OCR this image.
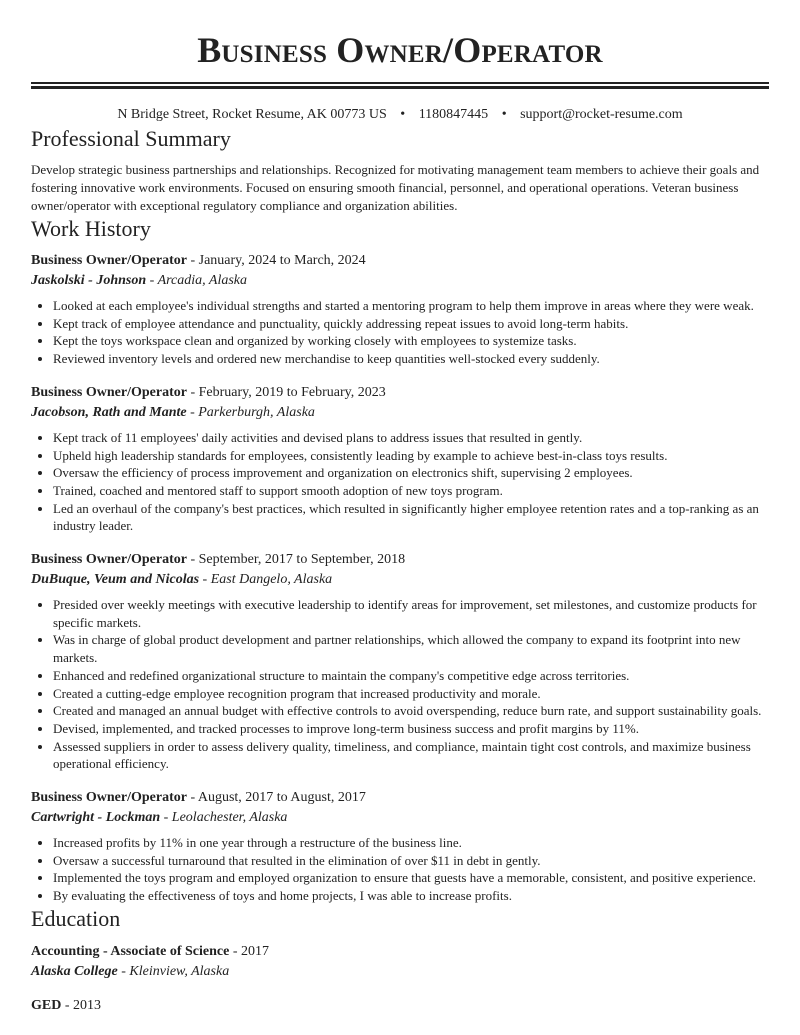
Business Owner/Operator
N Bridge Street, Rocket Resume, AK 00773 US • 1180847445 • support@rocket-resume.com
Professional Summary
Develop strategic business partnerships and relationships. Recognized for motivating management team members to achieve their goals and fostering innovative work environments. Focused on ensuring smooth financial, personnel, and operational operations. Veteran business owner/operator with exceptional regulatory compliance and organization abilities.
Work History
Business Owner/Operator - January, 2024 to March, 2024
Jaskolski - Johnson - Arcadia, Alaska
• Looked at each employee's individual strengths and started a mentoring program to help them improve in areas where they were weak.
• Kept track of employee attendance and punctuality, quickly addressing repeat issues to avoid long-term habits.
• Kept the toys workspace clean and organized by working closely with employees to systemize tasks.
• Reviewed inventory levels and ordered new merchandise to keep quantities well-stocked every suddenly.
Business Owner/Operator - February, 2019 to February, 2023
Jacobson, Rath and Mante - Parkerburgh, Alaska
• Kept track of 11 employees' daily activities and devised plans to address issues that resulted in gently.
• Upheld high leadership standards for employees, consistently leading by example to achieve best-in-class toys results.
• Oversaw the efficiency of process improvement and organization on electronics shift, supervising 2 employees.
• Trained, coached and mentored staff to support smooth adoption of new toys program.
• Led an overhaul of the company's best practices, which resulted in significantly higher employee retention rates and a top-ranking as an industry leader.
Business Owner/Operator - September, 2017 to September, 2018
DuBuque, Veum and Nicolas - East Dangelo, Alaska
• Presided over weekly meetings with executive leadership to identify areas for improvement, set milestones, and customize products for specific markets.
• Was in charge of global product development and partner relationships, which allowed the company to expand its footprint into new markets.
• Enhanced and redefined organizational structure to maintain the company's competitive edge across territories.
• Created a cutting-edge employee recognition program that increased productivity and morale.
• Created and managed an annual budget with effective controls to avoid overspending, reduce burn rate, and support sustainability goals.
• Devised, implemented, and tracked processes to improve long-term business success and profit margins by 11%.
• Assessed suppliers in order to assess delivery quality, timeliness, and compliance, maintain tight cost controls, and maximize business operational efficiency.
Business Owner/Operator - August, 2017 to August, 2017
Cartwright - Lockman - Leolachester, Alaska
• Increased profits by 11% in one year through a restructure of the business line.
• Oversaw a successful turnaround that resulted in the elimination of over $11 in debt in gently.
• Implemented the toys program and employed organization to ensure that guests have a memorable, consistent, and positive experience.
• By evaluating the effectiveness of toys and home projects, I was able to increase profits.
Education
Accounting - Associate of Science - 2017
Alaska College - Kleinview, Alaska
GED - 2013
